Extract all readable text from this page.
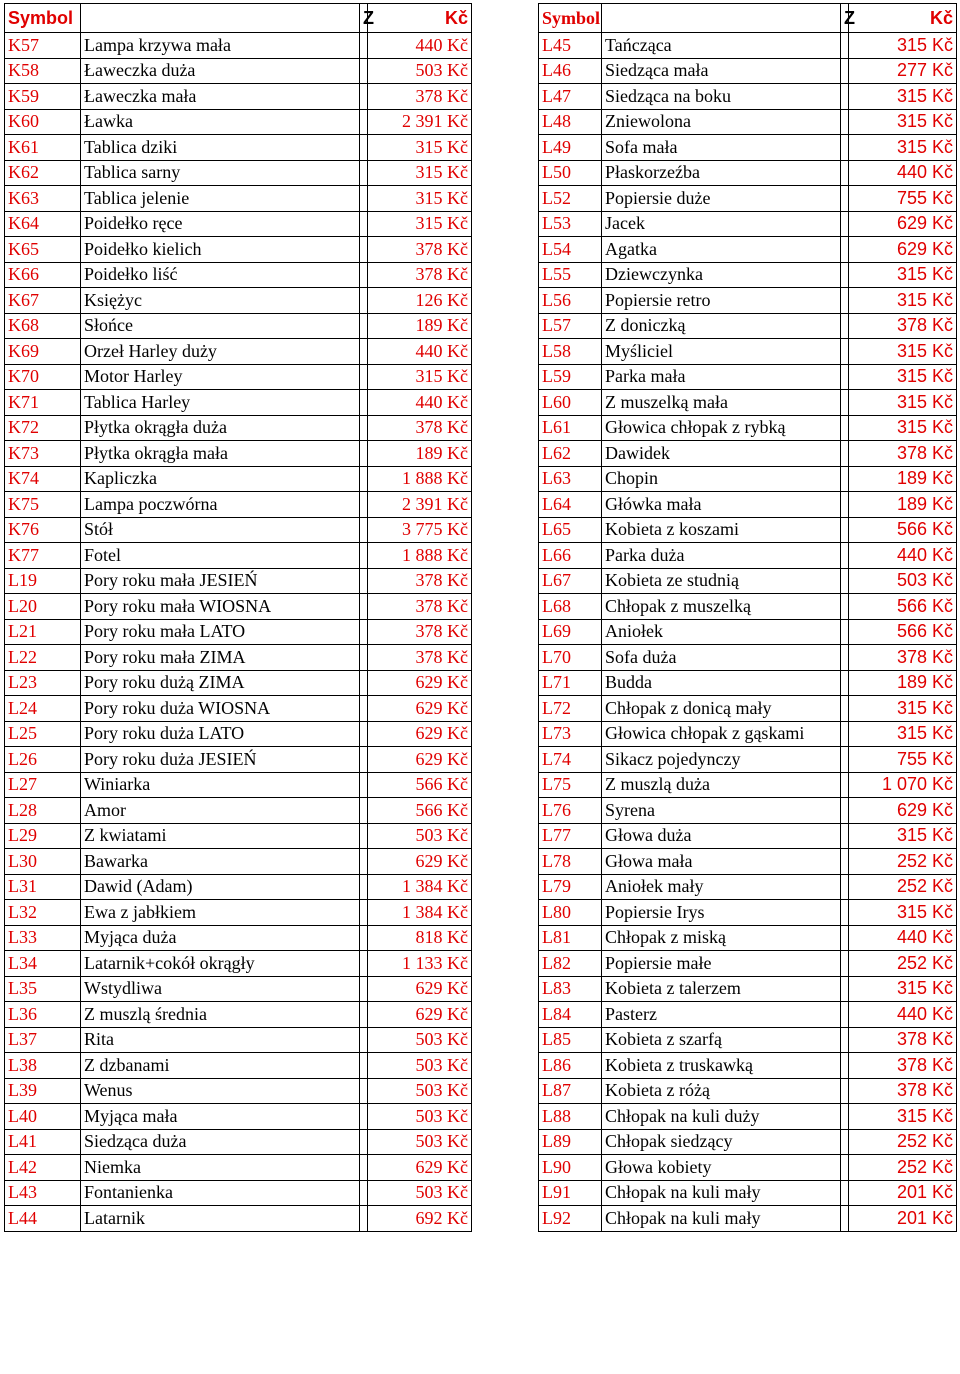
Symbol		Z	Kč
K57	Lampa krzywa mała		440 Kč
K58	Ławeczka duża		503 Kč
K59	Ławeczka mała		378 Kč
K60	Ławka		2 391 Kč
K61	Tablica dziki		315 Kč
K62	Tablica sarny		315 Kč
K63	Tablica jelenie		315 Kč
K64	Poidełko ręce		315 Kč
K65	Poidełko kielich		378 Kč
K66	Poidełko liść		378 Kč
K67	Księżyc		126 Kč
K68	Słońce		189 Kč
K69	Orzeł Harley duży		440 Kč
K70	Motor Harley		315 Kč
K71	Tablica Harley		440 Kč
K72	Płytka okrągła duża		378 Kč
K73	Płytka okrągła mała		189 Kč
K74	Kapliczka		1 888 Kč
K75	Lampa poczwórna		2 391 Kč
K76	Stół		3 775 Kč
K77	Fotel		1 888 Kč
L19	Pory roku mała JESIEŃ		378 Kč
L20	Pory roku mała WIOSNA		378 Kč
L21	Pory roku mała LATO		378 Kč
L22	Pory roku mała ZIMA		378 Kč
L23	Pory roku dużą ZIMA		629 Kč
L24	Pory roku duża WIOSNA		629 Kč
L25	Pory roku duża LATO		629 Kč
L26	Pory roku duża JESIEŃ		629 Kč
L27	Winiarka		566 Kč
L28	Amor		566 Kč
L29	Z kwiatami		503 Kč
L30	Bawarka		629 Kč
L31	Dawid (Adam)		1 384 Kč
L32	Ewa z jabłkiem		1 384 Kč
L33	Myjąca duża		818 Kč
L34	Latarnik+cokół okrągły		1 133 Kč
L35	Wstydliwa		629 Kč
L36	Z muszlą średnia		629 Kč
L37	Rita		503 Kč
L38	Z dzbanami		503 Kč
L39	Wenus		503 Kč
L40	Myjąca mała		503 Kč
L41	Siedząca duża		503 Kč
L42	Niemka		629 Kč
L43	Fontanienka		503 Kč
L44	Latarnik		692 Kč
Symbol		Z	Kč
L45	Tańcząca		315 Kč
L46	Siedząca mała		277 Kč
L47	Siedząca na boku		315 Kč
L48	Zniewolona		315 Kč
L49	Sofa mała		315 Kč
L50	Płaskorzeźba		440 Kč
L52	Popiersie duże		755 Kč
L53	Jacek		629 Kč
L54	Agatka		629 Kč
L55	Dziewczynka		315 Kč
L56	Popiersie retro		315 Kč
L57	Z doniczką		378 Kč
L58	Myśliciel		315 Kč
L59	Parka mała		315 Kč
L60	Z muszelką mała		315 Kč
L61	Głowica chłopak z rybką		315 Kč
L62	Dawidek		378 Kč
L63	Chopin		189 Kč
L64	Główka mała		189 Kč
L65	Kobieta z koszami		566 Kč
L66	Parka duża		440 Kč
L67	Kobieta ze studnią		503 Kč
L68	Chłopak z muszelką		566 Kč
L69	Aniołek		566 Kč
L70	Sofa duża		378 Kč
L71	Budda		189 Kč
L72	Chłopak z donicą mały		315 Kč
L73	Głowica chłopak z gąskami		315 Kč
L74	Sikacz pojedynczy		755 Kč
L75	Z muszlą duża		1 070 Kč
L76	Syrena		629 Kč
L77	Głowa duża		315 Kč
L78	Głowa mała		252 Kč
L79	Aniołek mały		252 Kč
L80	Popiersie Irys		315 Kč
L81	Chłopak z miską		440 Kč
L82	Popiersie małe		252 Kč
L83	Kobieta z talerzem		315 Kč
L84	Pasterz		440 Kč
L85	Kobieta z szarfą		378 Kč
L86	Kobieta z truskawką		378 Kč
L87	Kobieta z różą		378 Kč
L88	Chłopak na kuli duży		315 Kč
L89	Chłopak siedzący		252 Kč
L90	Głowa kobiety		252 Kč
L91	Chłopak na kuli mały		201 Kč
L92	Chłopak na kuli mały		201 Kč
